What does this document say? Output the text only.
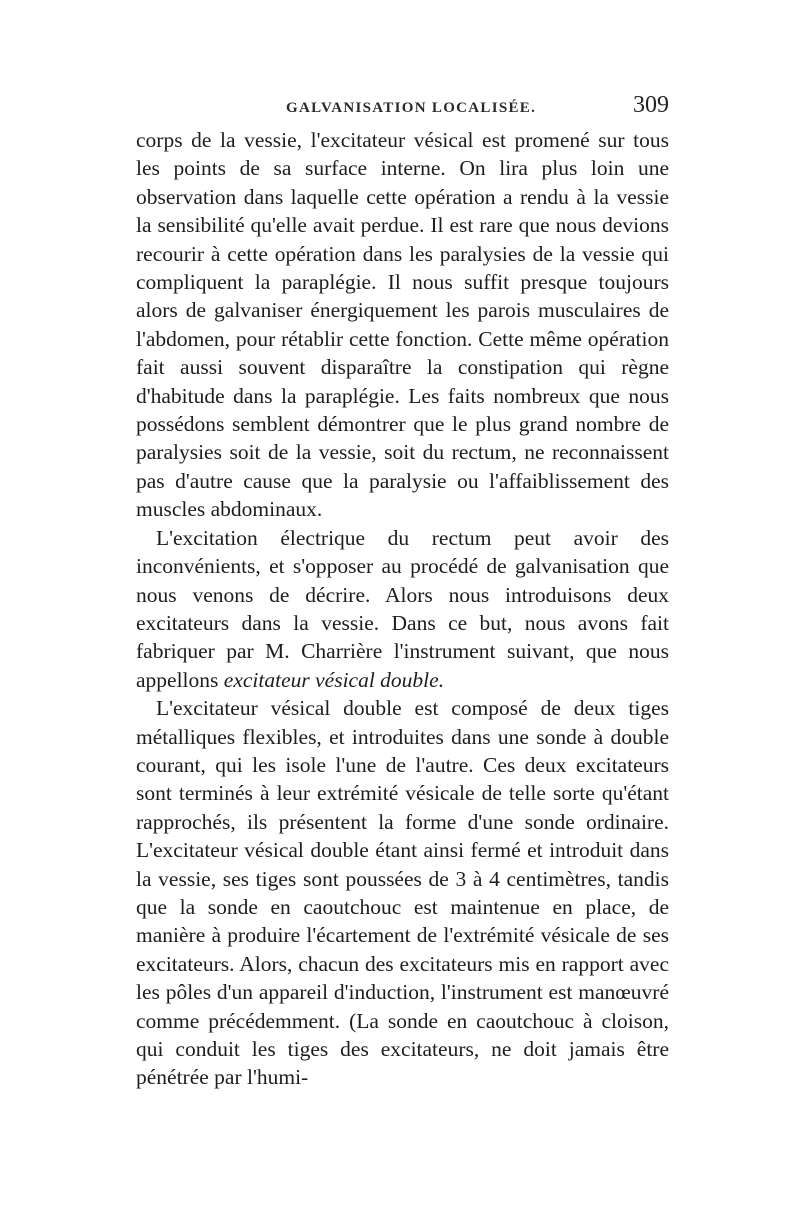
GALVANISATION LOCALISÉE.	309

corps de la vessie, l'excitateur vésical est promené sur tous les points de sa surface interne. On lira plus loin une observation dans laquelle cette opération a rendu à la vessie la sensibilité qu'elle avait perdue. Il est rare que nous devions recourir à cette opération dans les paralysies de la vessie qui compliquent la paraplégie. Il nous suffit presque toujours alors de galvaniser énergiquement les parois musculaires de l'abdomen, pour rétablir cette fonction. Cette même opération fait aussi souvent disparaître la constipation qui règne d'habitude dans la paraplégie. Les faits nombreux que nous possédons semblent démontrer que le plus grand nombre de paralysies soit de la vessie, soit du rectum, ne reconnaissent pas d'autre cause que la paralysie ou l'affaiblissement des muscles abdominaux.

L'excitation électrique du rectum peut avoir des inconvénients, et s'opposer au procédé de galvanisation que nous venons de décrire. Alors nous introduisons deux excitateurs dans la vessie. Dans ce but, nous avons fait fabriquer par M. Charrière l'instrument suivant, que nous appellons excitateur vésical double.

L'excitateur vésical double est composé de deux tiges métalliques flexibles, et introduites dans une sonde à double courant, qui les isole l'une de l'autre. Ces deux excitateurs sont terminés à leur extrémité vésicale de telle sorte qu'étant rapprochés, ils présentent la forme d'une sonde ordinaire. L'excitateur vésical double étant ainsi fermé et introduit dans la vessie, ses tiges sont poussées de 3 à 4 centimètres, tandis que la sonde en caoutchouc est maintenue en place, de manière à produire l'écartement de l'extrémité vésicale de ses excitateurs. Alors, chacun des excitateurs mis en rapport avec les pôles d'un appareil d'induction, l'instrument est manœuvré comme précédemment. (La sonde en caoutchouc à cloison, qui conduit les tiges des excitateurs, ne doit jamais être pénétrée par l'humi-
